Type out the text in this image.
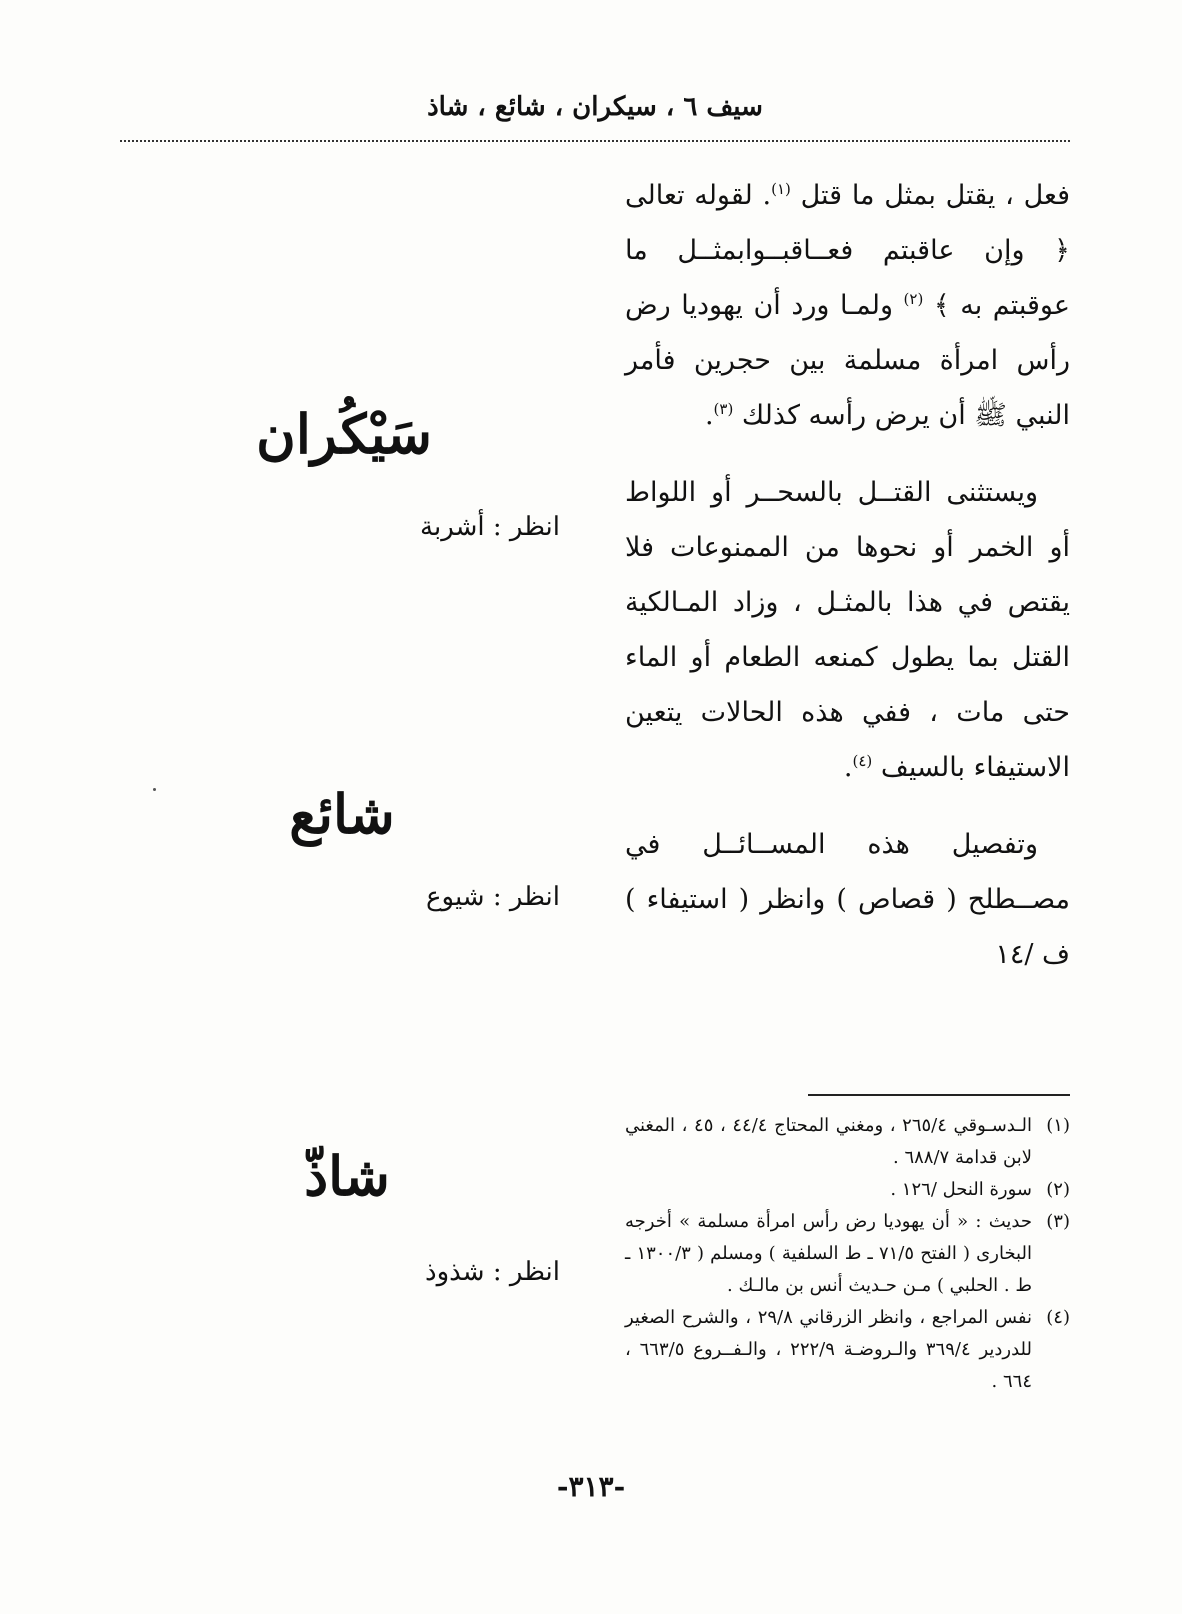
سيف ٦ ، سيكران ، شائع ، شاذ

فعل ، يقتل بمثل ما قتل $^{(١)}$. لقوله تعالى ﴿ وإن عاقبتم فعــاقبــوابمثــل ما عوقبتم به ﴾ $^{(٢)}$ ولمـا ورد أن يهوديا رض رأس امرأة مسلمة بين حجرين فأمر النبي ﷺ أن يرض رأسه كذلك $^{(٣)}$.

ويستثنى القتــل بالسحــر أو اللواط أو الخمر أو نحوها من الممنوعات فلا يقتص في هذا بالمثـل ، وزاد المـالكية القتل بما يطول كمنعه الطعام أو الماء حتى مات ، ففي هذه الحالات يتعين الاستيفاء بالسيف $^{(٤)}$.

وتفصيل هذه المســائــل في مصــطلح ( قصاص ) وانظر ( استيفاء ) ف /١٤

سَيْكُران
انظر : أشربة
شائع
انظر : شيوع
شاذّ
انظر : شذوذ
(١)
الـدسـوقي ٢٦٥/٤ ، ومغني المحتاج ٤٤/٤ ، ٤٥ ، المغني لابن قدامة ٦٨٨/٧ .
(٢)
سورة النحل /١٢٦ .
(٣)
حديث : « أن يهوديا رض رأس امرأة مسلمة » أخرجه البخارى ( الفتح ٧١/٥ ـ ط السلفية ) ومسلم ( ١٣٠٠/٣ ـ ط . الحلبي ) مـن حـديث أنس بن مالـك .
(٤)
نفس المراجع ، وانظر الزرقاني ٢٩/٨ ، والشرح الصغير للدردير ٣٦٩/٤ والـروضـة ٢٢٢/٩ ، والـفــروع ٦٦٣/٥ ، ٦٦٤ .
-٣١٣-
